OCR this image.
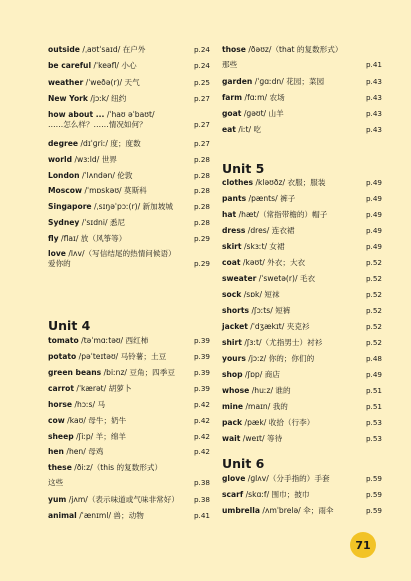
outside /ˌaʊtˈsaɪd/ 在户外	p.24
be careful /ˈkeəfl/ 小心	p.24
weather /ˈweðə(r)/ 天气	p.25
New York /jɔːk/ 纽约	p.27
how about ... /ˈhaʊ əˈbaʊt/
……怎么样？……情况如何？	p.27
degree /dɪˈɡriː/ 度；度数	p.27
world /wɜːld/ 世界	p.28
London /ˈlʌndən/ 伦敦	p.28
Moscow /ˈmɒskəʊ/ 莫斯科	p.28
Singapore /ˌsɪŋəˈpɔː(r)/ 新加坡城	p.28
Sydney /ˈsɪdni/ 悉尼	p.28
fly /flaɪ/ 放（风筝等）	p.29
love /lʌv/（写信结尾的热情问候语）
爱你的	p.29
Unit 4
tomato /təˈmɑːtəʊ/ 西红柿	p.39
potato /pəˈteɪtəʊ/ 马铃薯；土豆	p.39
green beans /biːnz/ 豆角；四季豆	p.39
carrot /ˈkærət/ 胡萝卜	p.39
horse /hɔːs/ 马	p.42
cow /kaʊ/ 母牛；奶牛	p.42
sheep /ʃiːp/ 羊；绵羊	p.42
hen /hen/ 母鸡	p.42
these /ðiːz/（this 的复数形式）
这些	p.38
yum /jʌm/（表示味道或气味非常好） p.38
animal /ˈænɪml/ 兽；动物	p.41
those /ðəʊz/（that 的复数形式）
那些	p.41
garden /ˈɡɑːdn/ 花园；菜园	p.43
farm /fɑːm/ 农场	p.43
goat /ɡəʊt/ 山羊	p.43
eat /iːt/ 吃	p.43
Unit 5
clothes /kləʊðz/ 衣服；服装	p.49
pants /pænts/ 裤子	p.49
hat /hæt/（常指带檐的）帽子	p.49
dress /dres/ 连衣裙	p.49
skirt /skɜːt/ 女裙	p.49
coat /kəʊt/ 外衣；大衣	p.52
sweater /ˈswetə(r)/ 毛衣	p.52
sock /sɒk/ 短袜	p.52
shorts /ʃɔːts/ 短裤	p.52
jacket /ˈdʒækɪt/ 夹克衫	p.52
shirt /ʃɜːt/（尤指男士）衬衫	p.52
yours /jɔːz/ 你的；你们的	p.48
shop /ʃɒp/ 商店	p.49
whose /huːz/ 谁的	p.51
mine /maɪn/ 我的	p.51
pack /pæk/ 收拾（行李）	p.53
wait /weɪt/ 等待	p.53
Unit 6
glove /ɡlʌv/（分手指的）手套	p.59
scarf /skɑːf/ 围巾；披巾	p.59
umbrella /ʌmˈbrelə/ 伞；雨伞	p.59
71
